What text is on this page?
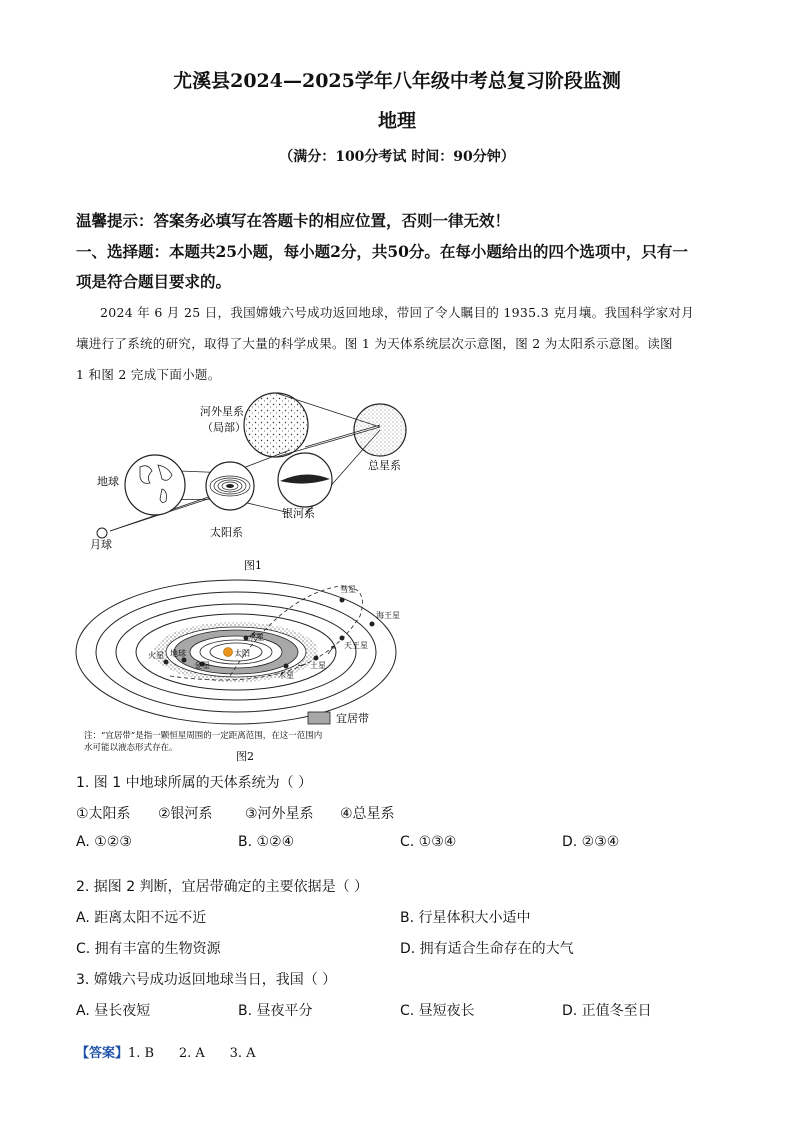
尤溪县2024—2025学年八年级中考总复习阶段监测
地理
（满分：100分考试 时间：90分钟）
温馨提示：答案务必填写在答题卡的相应位置，否则一律无效！
一、选择题：本题共25小题，每小题2分，共50分。在每小题给出的四个选项中，只有一
项是符合题目要求的。
2024 年 6 月 25 日，我国嫦娥六号成功返回地球，带回了令人瞩目的 1935.3 克月壤。我国科学家对月
壤进行了系统的研究，取得了大量的科学成果。图 1 为天体系统层次示意图，图 2 为太阳系示意图。读图
1 和图 2 完成下面小题。
河外星系
（局部）
总星系
地球
太阳系
银河系
月球
图1
彗星
海王星
天王星
土星
木星
火星 地球
金星
水星
太阳
宜居带
注：“宜居带”是指一颗恒星周围的一定距离范围，在这一范围内
水可能以液态形式存在。
图2
1. 图 1 中地球所属的天体系统为（ ）
①太阳系 ②银河系 ③河外星系 ④总星系
A. ①②③	B. ①②④	C. ①③④	D. ②③④
2. 据图 2 判断，宜居带确定的主要依据是（ ）
A. 距离太阳不远不近	B. 行星体积大小适中
C. 拥有丰富的生物资源	D. 拥有适合生命存在的大气
3. 嫦娥六号成功返回地球当日，我国（ ）
A. 昼长夜短	B. 昼夜平分	C. 昼短夜长	D. 正值冬至日
【答案】1. B      2. A      3. A
